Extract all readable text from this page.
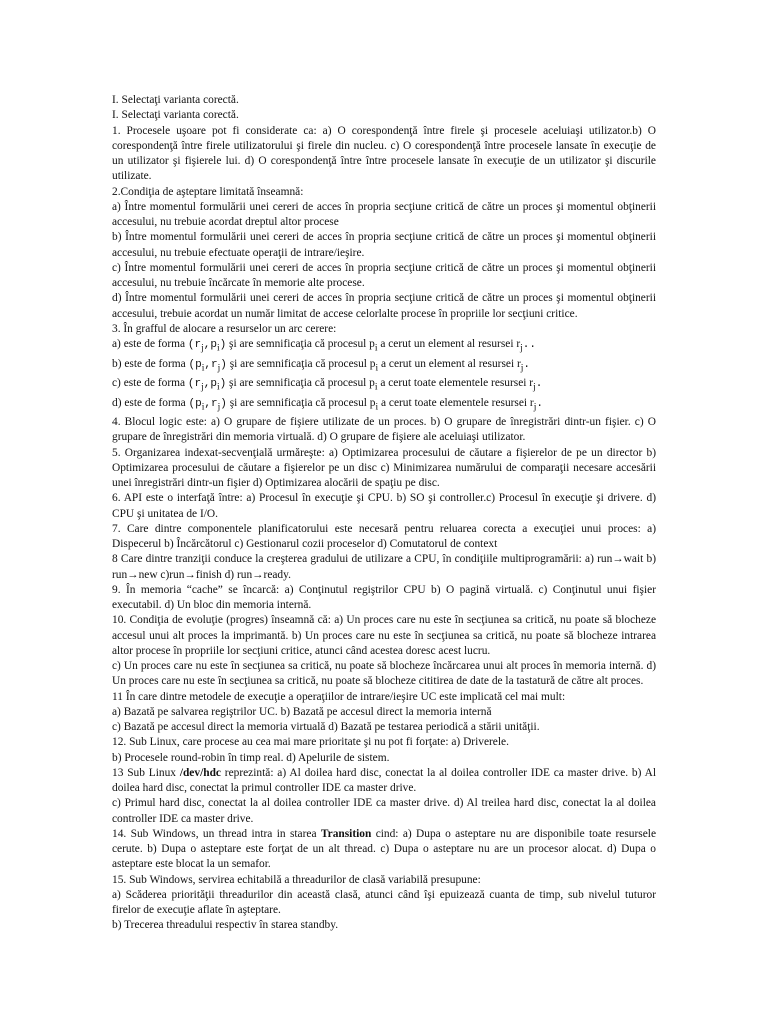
I. Selectaţi varianta corectă.

I. Selectaţi varianta corectă.

1. Procesele uşoare pot fi considerate ca: a) O corespondenţă între firele şi procesele aceluiaşi utilizator.b) O corespondenţă între firele utilizatorului şi firele din nucleu. c) O corespondenţă între procesele lansate în execuţie de un utilizator şi fişierele lui. d) O corespondenţă între între procesele lansate în execuţie de un utilizator şi discurile utilizate.

2.Condiţia de aşteptare limitată înseamnă:

a) Între momentul formulării unei cereri de acces în propria secţiune critică de către un proces şi momentul obţinerii accesului, nu trebuie acordat dreptul altor procese

b) Între momentul formulării unei cereri de acces în propria secţiune critică de către un proces şi momentul obţinerii accesului, nu trebuie efectuate operaţii de intrare/ieşire.

c) Între momentul formulării unei cereri de acces în propria secţiune critică de către un proces şi momentul obţinerii accesului, nu trebuie încărcate în memorie alte procese.

d) Între momentul formulării unei cereri de acces în propria secţiune critică de către un proces şi momentul obţinerii accesului, trebuie acordat un număr limitat de accese celorlalte procese în propriile lor secţiuni critice.

3. În grafful de alocare a resurselor un arc cerere:

a) este de forma $(r_j,p_i)$ şi are semnificaţia că procesul $p_i$ a cerut un element al resursei $r_j$..

b) este de forma $(p_i,r_j)$ şi are semnificaţia că procesul $p_i$ a cerut un element al resursei $r_j$.

c) este de forma $(r_j,p_i)$ şi are semnificaţia că procesul $p_i$ a cerut toate elementele resursei $r_j$.

d) este de forma $(p_i,r_j)$ şi are semnificaţia că procesul $p_i$ a cerut toate elementele resursei $r_j$.

4. Blocul logic este: a) O grupare de fişiere utilizate de un proces. b) O grupare de înregistrări dintr-un fişier. c) O grupare de înregistrări din memoria virtuală. d) O grupare de fişiere ale aceluiaşi utilizator.

5. Organizarea indexat-secvenţială urmăreşte: a) Optimizarea procesului de căutare a fişierelor de pe un director b) Optimizarea procesului de căutare a fişierelor pe un disc c) Minimizarea numărului de comparaţii necesare accesării unei înregistrări dintr-un fişier d) Optimizarea alocării de spaţiu pe disc.

6. API este o interfaţă între: a) Procesul în execuţie şi CPU. b) SO şi controller.c) Procesul în execuţie şi drivere. d) CPU şi unitatea de I/O.

7. Care dintre componentele planificatorului este necesară pentru reluarea corecta a execuţiei unui proces: a) Dispecerul b) Încărcătorul c) Gestionarul cozii proceselor d) Comutatorul de context

8 Care dintre tranziţii conduce la creşterea gradului de utilizare a CPU, în condiţiile multiprogramării: a) run→wait b) run→new c)run→finish d) run→ready.

9. În memoria “cache” se încarcă: a) Conţinutul regiştrilor CPU b) O pagină virtuală. c) Conţinutul unui fişier executabil. d) Un bloc din memoria internă.

10. Condiţia de evoluţie (progres) înseamnă că: a) Un proces care nu este în secţiunea sa critică, nu poate să blocheze accesul unui alt proces la imprimantă. b) Un proces care nu este în secţiunea sa critică, nu poate să blocheze intrarea altor procese în propriile lor secţiuni critice, atunci când acestea doresc acest lucru.

c) Un proces care nu este în secţiunea sa critică, nu poate să blocheze încărcarea unui alt proces în memoria internă. d) Un proces care nu este în secţiunea sa critică, nu poate să blocheze cititirea de date de la tastatură de către alt proces.

11 În care dintre metodele de execuţie a operaţiilor de intrare/ieşire UC este implicată cel mai mult:

a) Bazată pe salvarea regiştrilor UC. b) Bazată pe accesul direct la memoria internă

c) Bazată pe accesul direct la memoria virtuală d) Bazată pe testarea periodică a stării unităţii.

12. Sub Linux, care procese au cea mai mare prioritate şi nu pot fi forţate: a) Driverele.

b) Procesele round-robin în timp real. d) Apelurile de sistem.

13 Sub Linux /dev/hdc reprezintă: a) Al doilea hard disc, conectat la al doilea controller IDE ca master drive. b) Al doilea hard disc, conectat la primul controller IDE ca master drive.

c) Primul hard disc, conectat la al doilea controller IDE ca master drive. d) Al treilea hard disc, conectat la al doilea controller IDE ca master drive.

14. Sub Windows, un thread intra in starea Transition cind: a) Dupa o asteptare nu are disponibile toate resursele cerute. b) Dupa o asteptare este forţat de un alt thread. c) Dupa o asteptare nu are un procesor alocat. d) Dupa o asteptare este blocat la un semafor.

15. Sub Windows, servirea echitabilă a threadurilor de clasă variabilă presupune:

a) Scăderea priorităţii threadurilor din această clasă, atunci când îşi epuizează cuanta de timp, sub nivelul tuturor firelor de execuţie aflate în aşteptare.

b) Trecerea threadului respectiv în starea standby.
